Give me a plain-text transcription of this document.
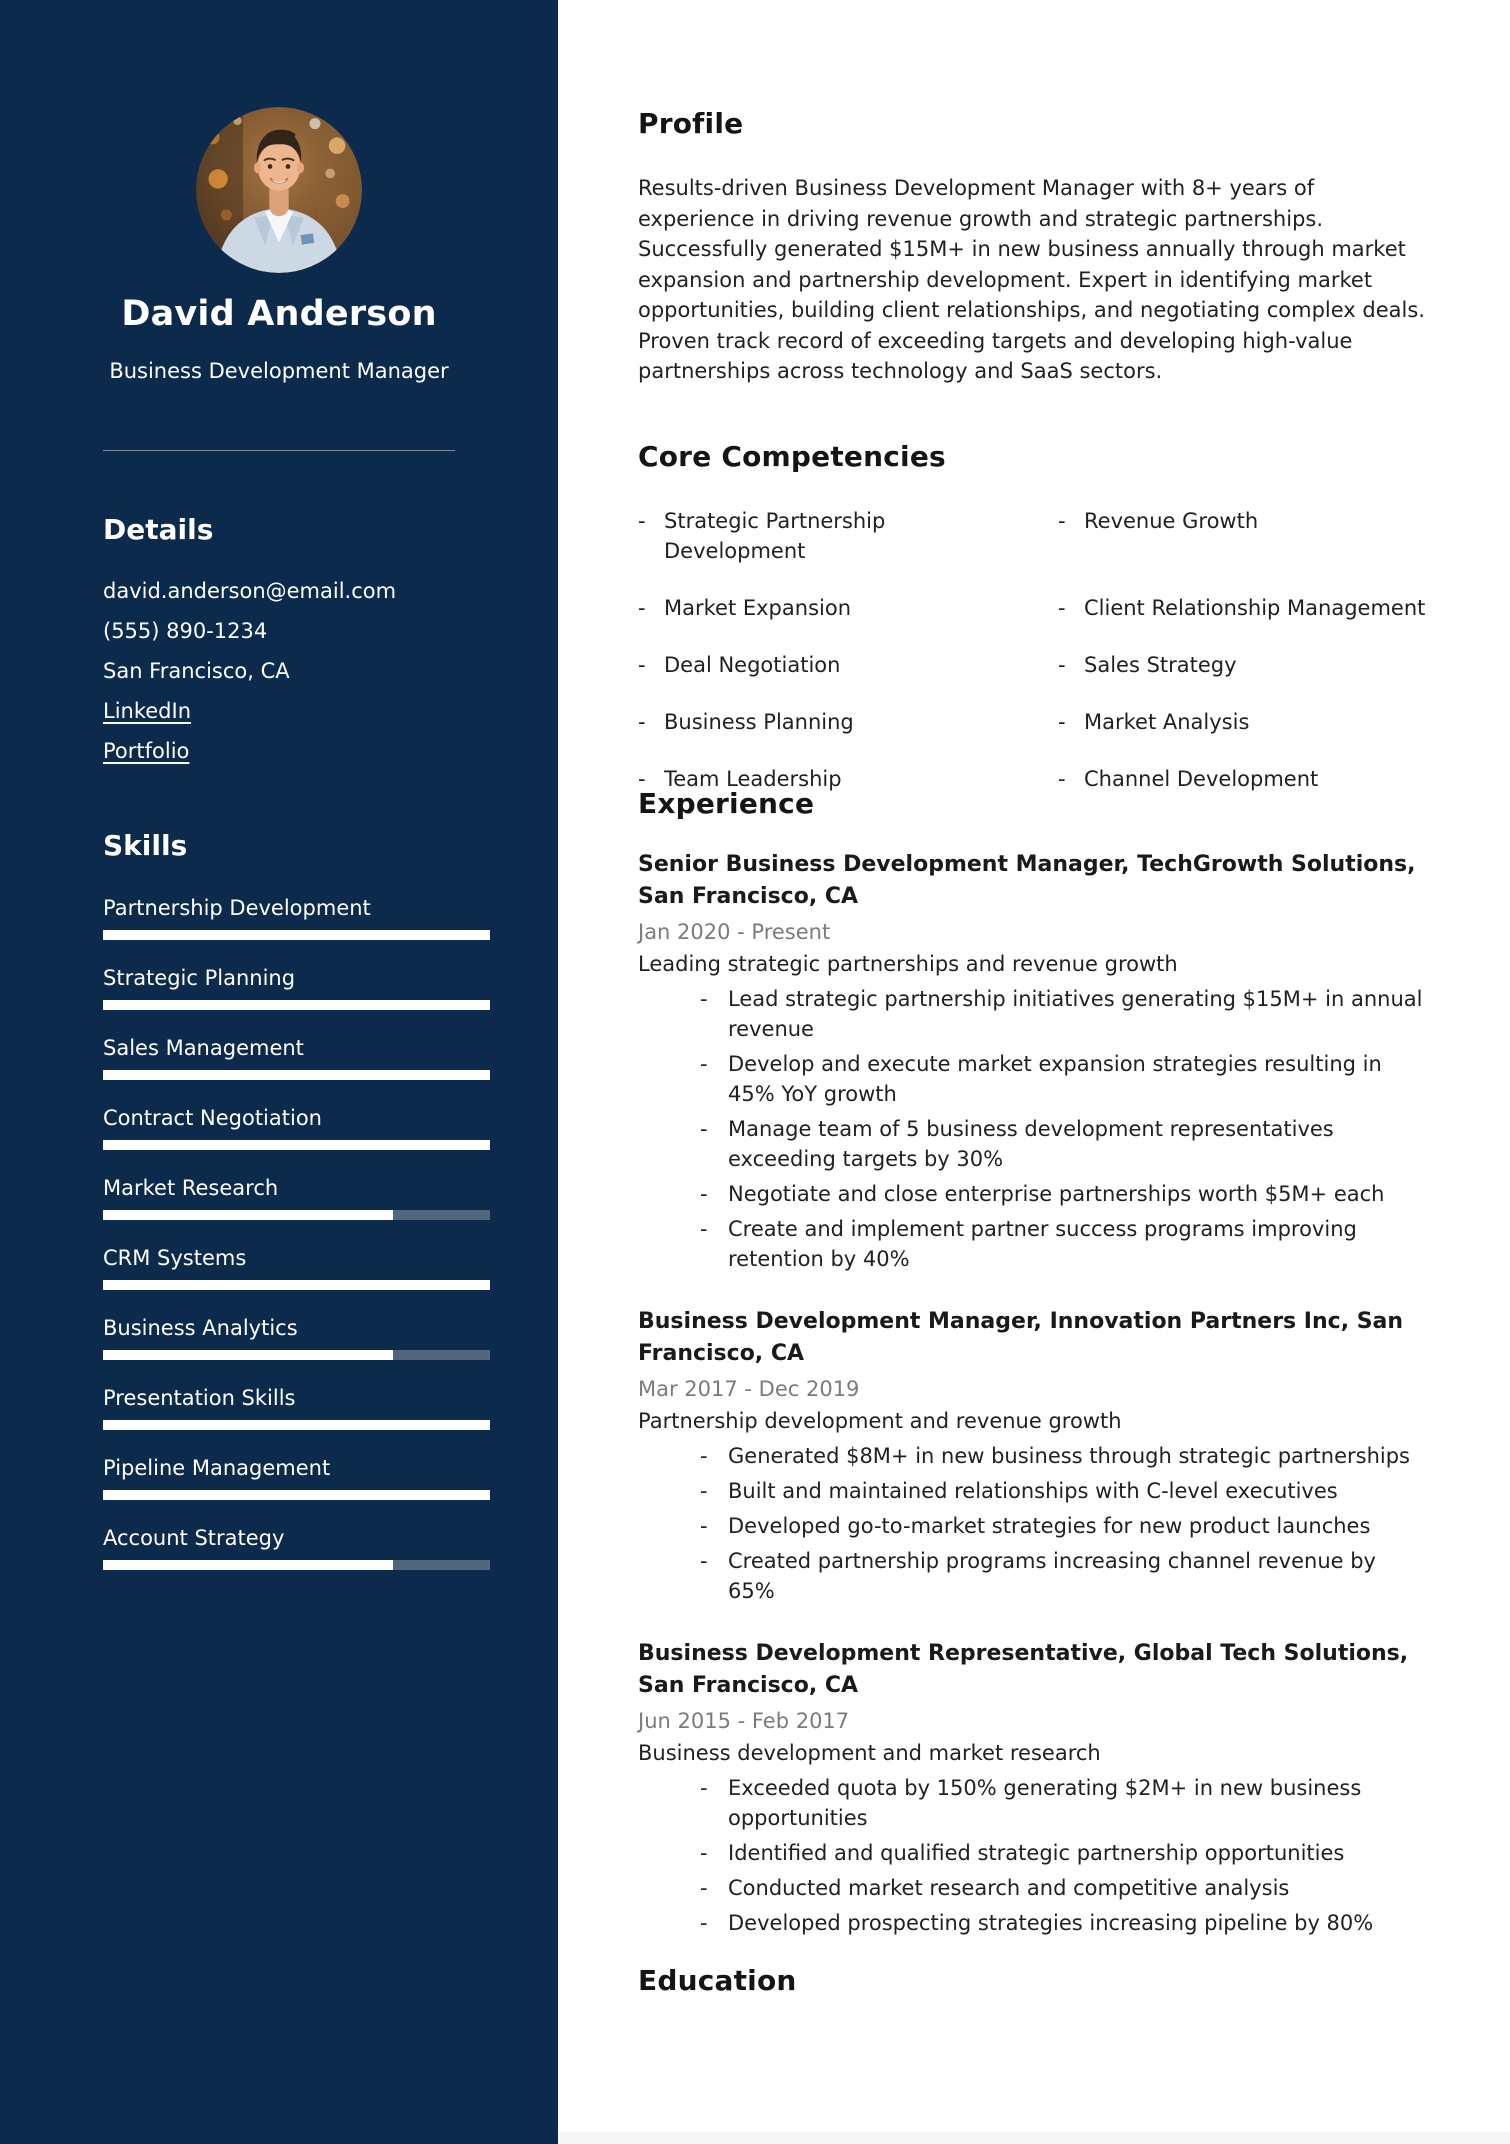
David Anderson
Business Development Manager
Details
david.anderson@email.com
(555) 890-1234
San Francisco, CA
LinkedIn
Portfolio
Skills
Partnership Development
Strategic Planning
Sales Management
Contract Negotiation
Market Research
CRM Systems
Business Analytics
Presentation Skills
Pipeline Management
Account Strategy
Profile

Results-driven Business Development Manager with 8+ years of experience in driving revenue growth and strategic partnerships. Successfully generated $15M+ in new business annually through market expansion and partnership development. Expert in identifying market opportunities, building client relationships, and negotiating complex deals. Proven track record of exceeding targets and developing high-value partnerships across technology and SaaS sectors.

Core Competencies
- Strategic Partnership Development
- Market Expansion
- Deal Negotiation
- Business Planning
- Team Leadership
- Revenue Growth
- Client Relationship Management
- Sales Strategy
- Market Analysis
- Channel Development
Experience

Senior Business Development Manager, TechGrowth Solutions, San Francisco, CA

Jan 2020 - Present

Leading strategic partnerships and revenue growth

- Lead strategic partnership initiatives generating $15M+ in annual revenue
- Develop and execute market expansion strategies resulting in 45% YoY growth
- Manage team of 5 business development representatives exceeding targets by 30%
- Negotiate and close enterprise partnerships worth $5M+ each
- Create and implement partner success programs improving retention by 40%

Business Development Manager, Innovation Partners Inc, San Francisco, CA

Mar 2017 - Dec 2019

Partnership development and revenue growth

- Generated $8M+ in new business through strategic partnerships
- Built and maintained relationships with C-level executives
- Developed go-to-market strategies for new product launches
- Created partnership programs increasing channel revenue by 65%

Business Development Representative, Global Tech Solutions, San Francisco, CA

Jun 2015 - Feb 2017

Business development and market research

- Exceeded quota by 150% generating $2M+ in new business opportunities
- Identified and qualified strategic partnership opportunities
- Conducted market research and competitive analysis
- Developed prospecting strategies increasing pipeline by 80%
Education
